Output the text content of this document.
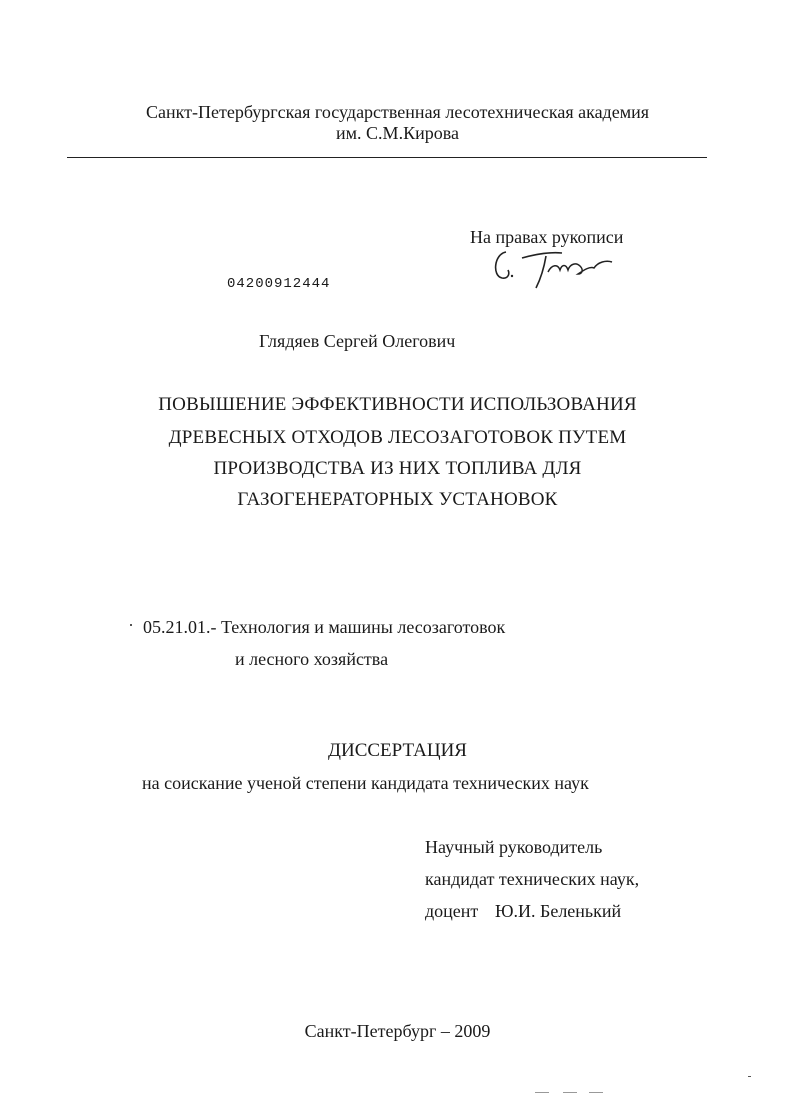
Санкт-Петербургская государственная лесотехническая академия
им. С.М.Кирова
На правах рукописи
04200912444
Глядяев Сергей Олегович
ПОВЫШЕНИЕ ЭФФЕКТИВНОСТИ ИСПОЛЬЗОВАНИЯ
ДРЕВЕСНЫХ ОТХОДОВ ЛЕСОЗАГОТОВОК ПУТЕМ
ПРОИЗВОДСТВА ИЗ НИХ ТОПЛИВА ДЛЯ
ГАЗОГЕНЕРАТОРНЫХ УСТАНОВОК
05.21.01.- Технология и машины лесозаготовок
и лесного хозяйства
ДИССЕРТАЦИЯ
на соискание ученой степени кандидата технических наук
Научный руководитель
кандидат технических наук,
доцент Ю.И. Беленький
Санкт-Петербург – 2009
